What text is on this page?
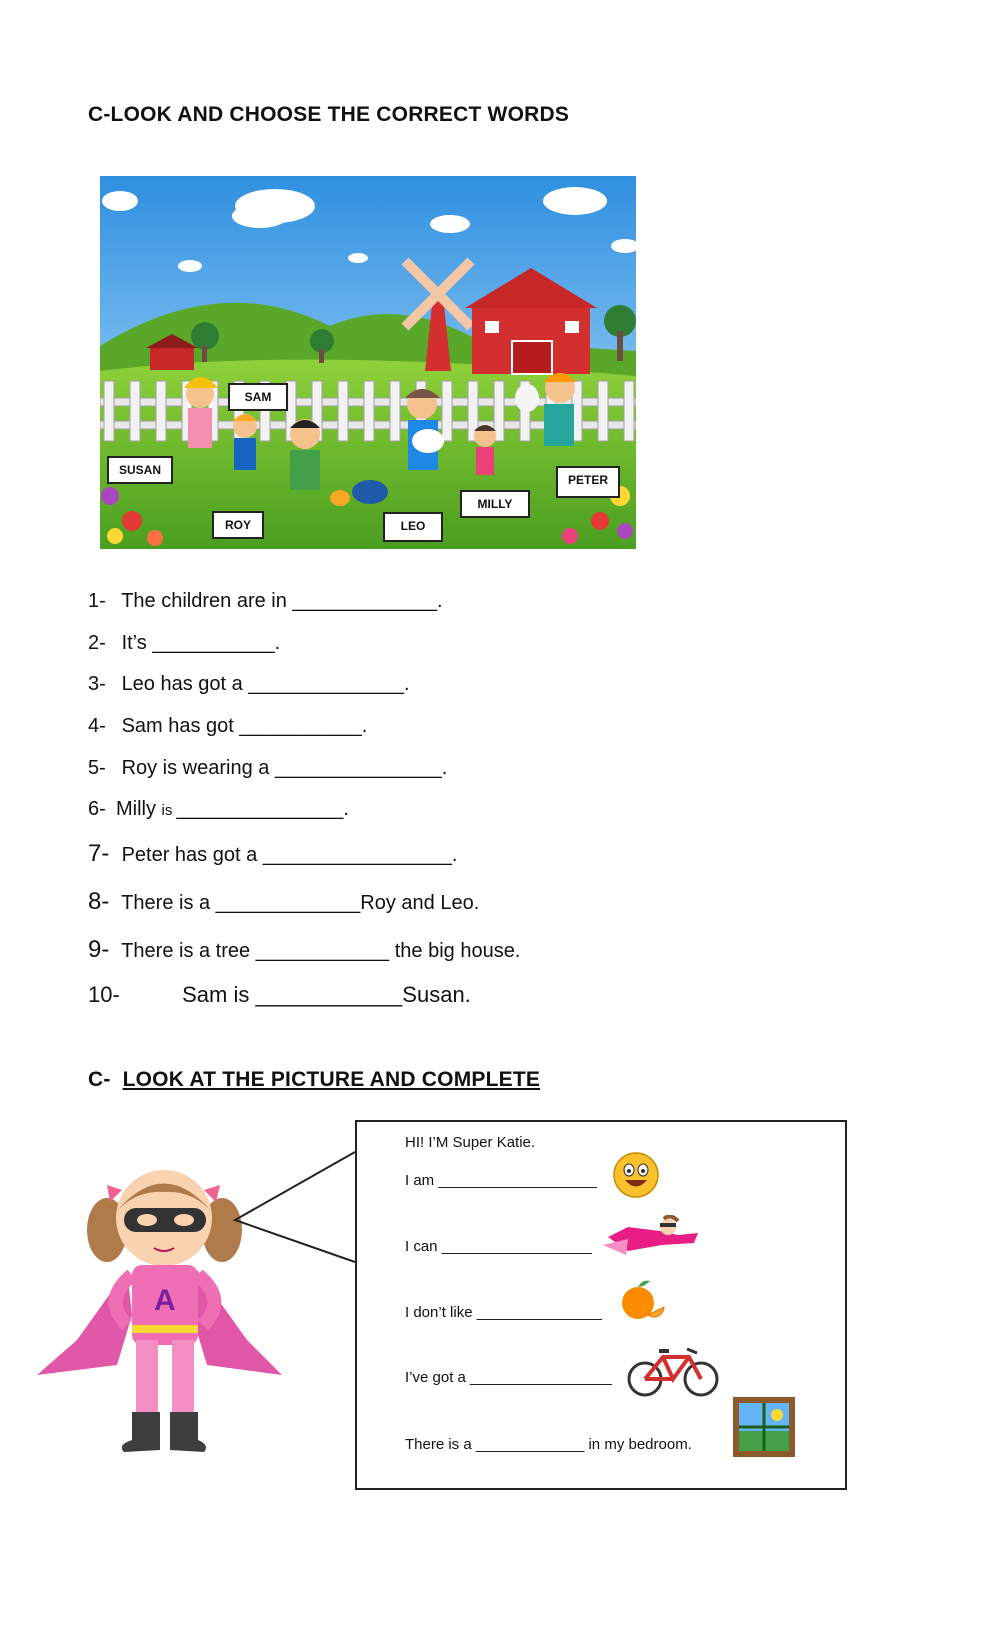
C-LOOK AND CHOOSE THE CORRECT WORDS
SAM
SUSAN
ROY	LEO
MILLY
PETER
1- The children are in _____________.
2- It’s ___________.
3- Leo has got a ______________.
4- Sam has got ___________.
5- Roy is wearing a _______________.
6- Milly is _______________.
7- Peter has got a _________________.
8- There is a _____________Roy and Leo.
9- There is a tree ____________ the big house.
10-	Sam is ____________Susan.
C- LOOK AT THE PICTURE AND COMPLETE
A
HI! I’M Super Katie.
I am ___________________
I can __________________
I don’t like _______________
I’ve got a _________________
There is a _____________ in my bedroom.
